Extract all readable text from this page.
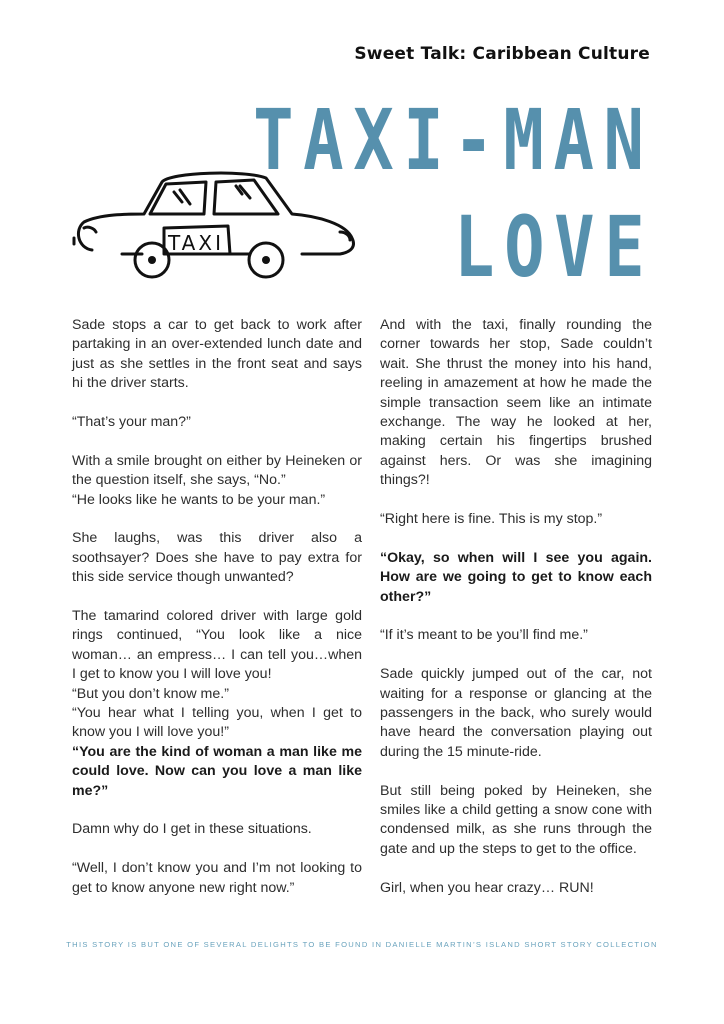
Sweet Talk: Caribbean Culture
TAXI-MAN
LOVE
TAXI

Sade stops a car to get back to work after partaking in an over-extended lunch date and just as she settles in the front seat and says hi the driver starts.

“That’s your man?”

With a smile brought on either by Heineken or the question itself, she says, “No.”

“He looks like he wants to be your man.”

She laughs, was this driver also a soothsayer? Does she have to pay extra for this side service though unwanted?

The tamarind colored driver with large gold rings continued, “You look like a nice woman… an empress… I can tell you…when I get to know you I will love you!

“But you don’t know me.”

“You hear what I telling you, when I get to know you I will love you!”

“You are the kind of woman a man like me could love. Now can you love a man like me?”

Damn why do I get in these situations.

“Well, I don’t know you and I’m not looking to get to know anyone new right now.”

And with the taxi, finally rounding the corner towards her stop, Sade couldn’t wait. She thrust the money into his hand, reeling in amazement at how he made the simple transaction seem like an intimate exchange. The way he looked at her, making certain his fingertips brushed against hers. Or was she imagining things?!

“Right here is fine. This is my stop.”

“Okay, so when will I see you again. How are we going to get to know each other?”

“If it’s meant to be you’ll find me.”

Sade quickly jumped out of the car, not waiting for a response or glancing at the passengers in the back, who surely would have heard the conversation playing out during the 15 minute-ride.

But still being poked by Heineken, she smiles like a child getting a snow cone with condensed milk, as she runs through the gate and up the steps to get to the office.

Girl, when you hear crazy… RUN!

THIS STORY IS BUT ONE OF SEVERAL DELIGHTS TO BE FOUND IN DANIELLE MARTIN’S ISLAND SHORT STORY COLLECTION
